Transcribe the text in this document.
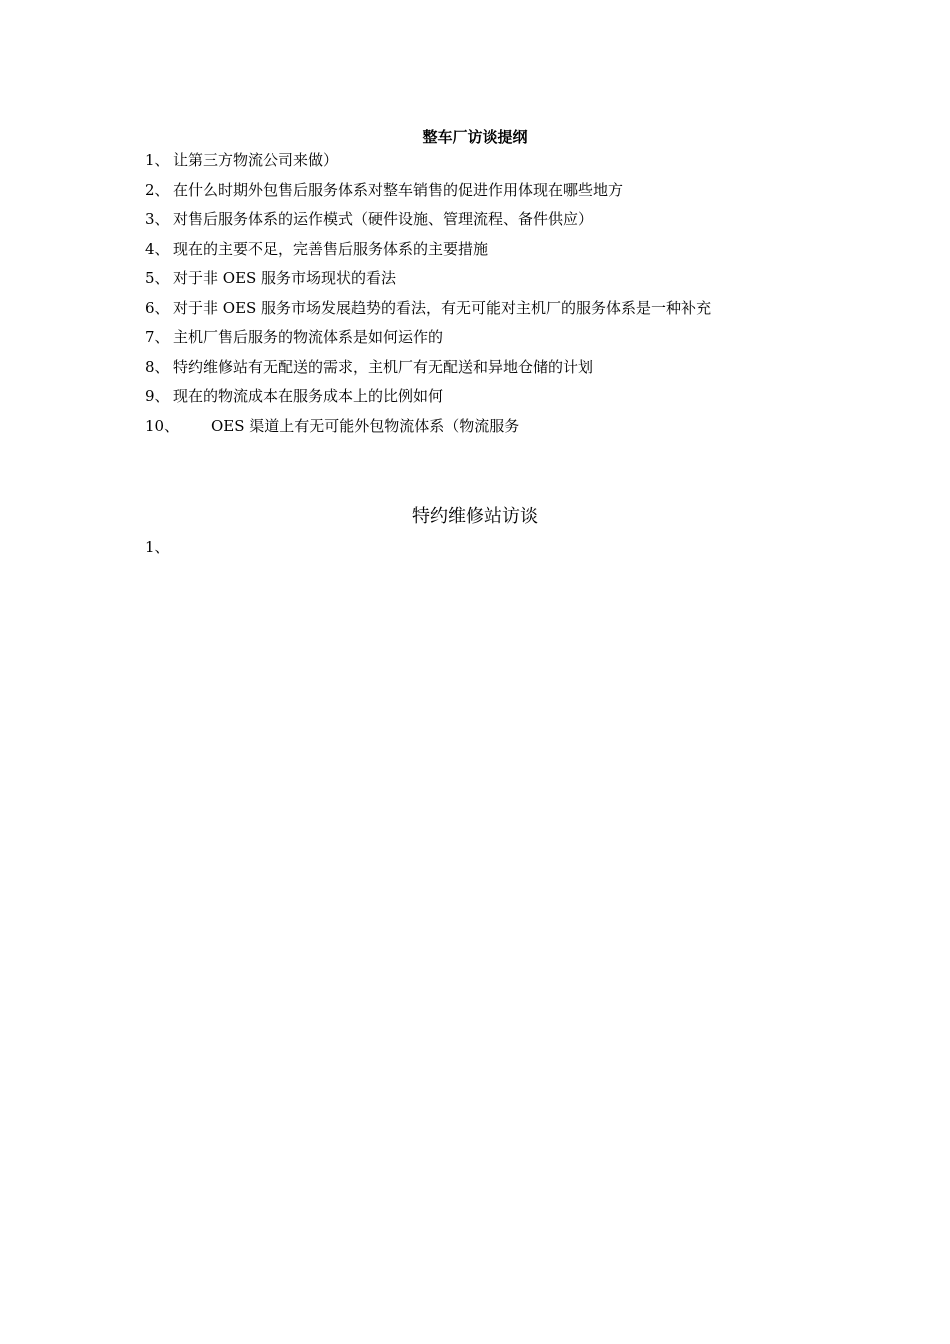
整车厂访谈提纲
1、 让第三方物流公司来做）
2、 在什么时期外包售后服务体系对整车销售的促进作用体现在哪些地方
3、 对售后服务体系的运作模式（硬件设施、管理流程、备件供应）
4、 现在的主要不足，完善售后服务体系的主要措施
5、 对于非 OES 服务市场现状的看法
6、 对于非 OES 服务市场发展趋势的看法，有无可能对主机厂的服务体系是一种补充
7、 主机厂售后服务的物流体系是如何运作的
8、 特约维修站有无配送的需求，主机厂有无配送和异地仓储的计划
9、 现在的物流成本在服务成本上的比例如何
10、	OES 渠道上有无可能外包物流体系（物流服务
特约维修站访谈
1、
